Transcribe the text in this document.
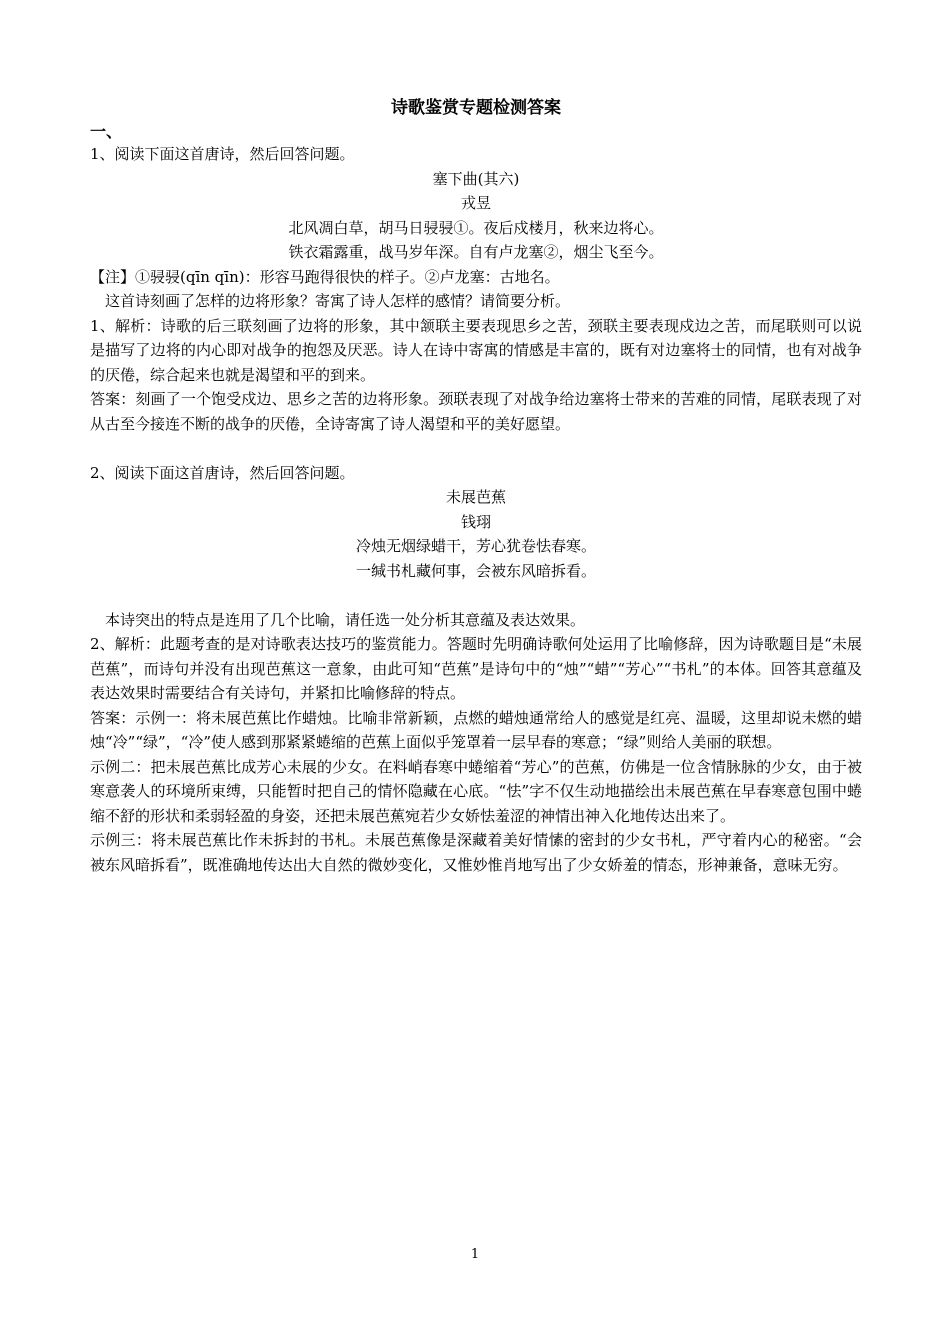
诗歌鉴赏专题检测答案
一、

1、阅读下面这首唐诗，然后回答问题。

塞下曲(其六)

戎昱

北风凋白草，胡马日骎骎①。夜后戍楼月，秋来边将心。

铁衣霜露重，战马岁年深。自有卢龙塞②，烟尘飞至今。

【注】①骎骎(qīn qīn)：形容马跑得很快的样子。②卢龙塞：古地名。

这首诗刻画了怎样的边将形象？寄寓了诗人怎样的感情？请简要分析。

1、解析：诗歌的后三联刻画了边将的形象，其中颔联主要表现思乡之苦，颈联主要表现戍边之苦，而尾联则可以说是描写了边将的内心即对战争的抱怨及厌恶。诗人在诗中寄寓的情感是丰富的，既有对边塞将士的同情，也有对战争的厌倦，综合起来也就是渴望和平的到来。

答案：刻画了一个饱受戍边、思乡之苦的边将形象。颈联表现了对战争给边塞将士带来的苦难的同情，尾联表现了对从古至今接连不断的战争的厌倦，全诗寄寓了诗人渴望和平的美好愿望。

2、阅读下面这首唐诗，然后回答问题。

未展芭蕉

钱珝

冷烛无烟绿蜡干，芳心犹卷怯春寒。

一缄书札藏何事，会被东风暗拆看。

本诗突出的特点是连用了几个比喻，请任选一处分析其意蕴及表达效果。

2、解析：此题考查的是对诗歌表达技巧的鉴赏能力。答题时先明确诗歌何处运用了比喻修辞，因为诗歌题目是“未展芭蕉”，而诗句并没有出现芭蕉这一意象，由此可知“芭蕉”是诗句中的“烛”“蜡”“芳心”“书札”的本体。回答其意蕴及表达效果时需要结合有关诗句，并紧扣比喻修辞的特点。

答案：示例一：将未展芭蕉比作蜡烛。比喻非常新颖，点燃的蜡烛通常给人的感觉是红亮、温暖，这里却说未燃的蜡烛“冷”“绿”，“冷”使人感到那紧紧蜷缩的芭蕉上面似乎笼罩着一层早春的寒意；“绿”则给人美丽的联想。

示例二：把未展芭蕉比成芳心未展的少女。在料峭春寒中蜷缩着“芳心”的芭蕉，仿佛是一位含情脉脉的少女，由于被寒意袭人的环境所束缚，只能暂时把自己的情怀隐藏在心底。“怯”字不仅生动地描绘出未展芭蕉在早春寒意包围中蜷缩不舒的形状和柔弱轻盈的身姿，还把未展芭蕉宛若少女娇怯羞涩的神情出神入化地传达出来了。

示例三：将未展芭蕉比作未拆封的书札。未展芭蕉像是深藏着美好情愫的密封的少女书札，严守着内心的秘密。“会被东风暗拆看”，既准确地传达出大自然的微妙变化，又惟妙惟肖地写出了少女娇羞的情态，形神兼备，意味无穷。

1
